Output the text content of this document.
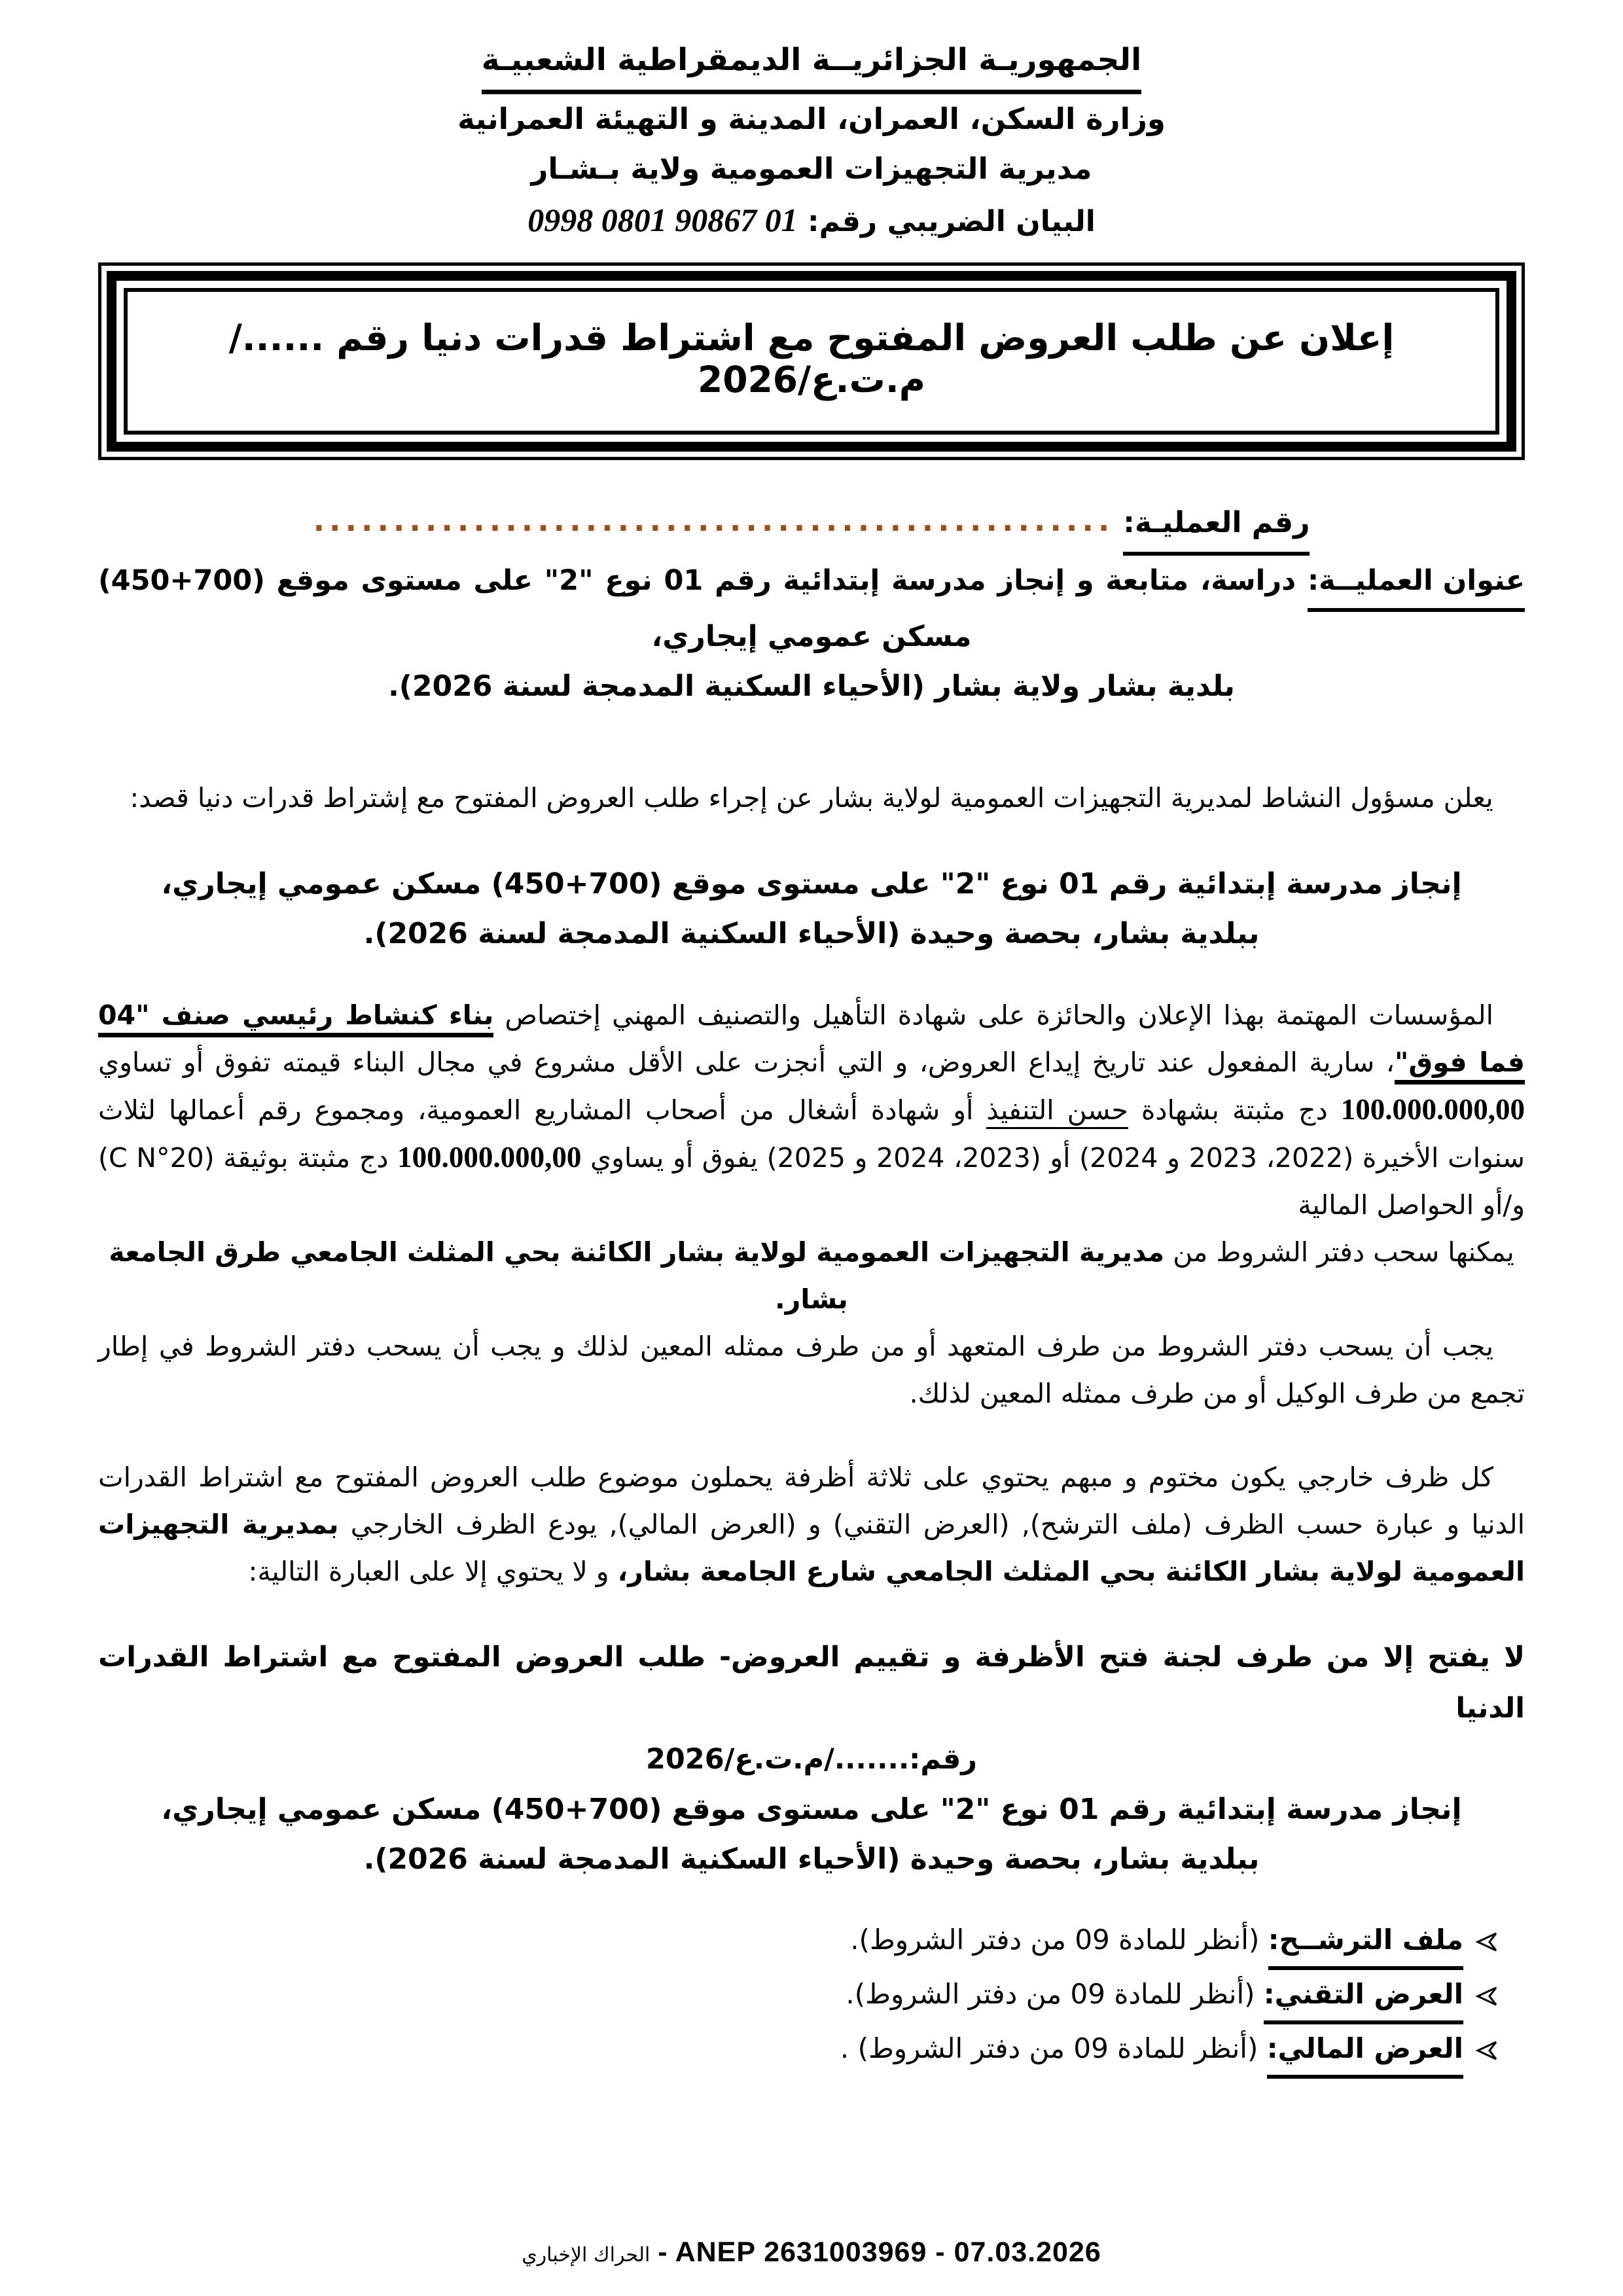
الجمهوريـة الجزائريــة الديمقراطية الشعبيـة
وزارة السكن، العمران، المدينة و التهيئة العمرانية
مديرية التجهيزات العمومية ولاية بـشـار
البيان الضريبي رقم: 01 90867 0801 0998
إعلان عن طلب العروض المفتوح مع اشتراط قدرات دنيا رقم ....../م.ت.ع/2026
رقم العمليـة: ..................................................
عنوان العمليــة: دراسة، متابعة و إنجاز مدرسة إبتدائية رقم 01 نوع "2" على مستوى موقع (700+450)
مسكن عمومي إيجاري،
بلدية بشار ولاية بشار (الأحياء السكنية المدمجة لسنة 2026).
يعلن مسؤول النشاط لمديرية التجهيزات العمومية لولاية بشار عن إجراء طلب العروض المفتوح مع إشتراط قدرات دنيا قصد:
إنجاز مدرسة إبتدائية رقم 01 نوع "2" على مستوى موقع (700+450) مسكن عمومي إيجاري،
ببلدية بشار، بحصة وحيدة (الأحياء السكنية المدمجة لسنة 2026).
المؤسسات المهتمة بهذا الإعلان والحائزة على شهادة التأهيل والتصنيف المهني إختصاص بناء كنشاط رئيسي صنف "04 فما فوق"، سارية المفعول عند تاريخ إيداع العروض، و التي أنجزت على الأقل مشروع في مجال البناء قيمته تفوق أو تساوي 100.000.000,00 دج مثبتة بشهادة حسن التنفيذ أو شهادة أشغال من أصحاب المشاريع العمومية، ومجموع رقم أعمالها لثلاث سنوات الأخيرة (2022، 2023 و 2024) أو (2023، 2024 و 2025) يفوق أو يساوي 100.000.000,00 دج مثبتة بوثيقة (C N°20) و/أو الحواصل المالية
يمكنها سحب دفتر الشروط من مديرية التجهيزات العمومية لولاية بشار الكائنة بحي المثلث الجامعي طرق الجامعة بشار.
يجب أن يسحب دفتر الشروط من طرف المتعهد أو من طرف ممثله المعين لذلك و يجب أن يسحب دفتر الشروط في إطار تجمع من طرف الوكيل أو من طرف ممثله المعين لذلك.
كل ظرف خارجي يكون مختوم و مبهم يحتوي على ثلاثة أظرفة يحملون موضوع طلب العروض المفتوح مع اشتراط القدرات الدنيا و عبارة حسب الظرف (ملف الترشح), (العرض التقني) و (العرض المالي), يودع الظرف الخارجي بمديرية التجهيزات العمومية لولاية بشار الكائنة بحي المثلث الجامعي شارع الجامعة بشار، و لا يحتوي إلا على العبارة التالية:
لا يفتح إلا من طرف لجنة فتح الأظرفة و تقييم العروض- طلب العروض المفتوح مع اشتراط القدرات الدنيا
رقم:......./م.ت.ع/2026
إنجاز مدرسة إبتدائية رقم 01 نوع "2" على مستوى موقع (700+450) مسكن عمومي إيجاري،
ببلدية بشار، بحصة وحيدة (الأحياء السكنية المدمجة لسنة 2026).
ملف الترشــح: (أنظر للمادة 09 من دفتر الشروط).
العرض التقني: (أنظر للمادة 09 من دفتر الشروط).
العرض المالي: (أنظر للمادة 09 من دفتر الشروط) .
الحراك الإخباري - ANEP 2631003969 - 07.03.2026
